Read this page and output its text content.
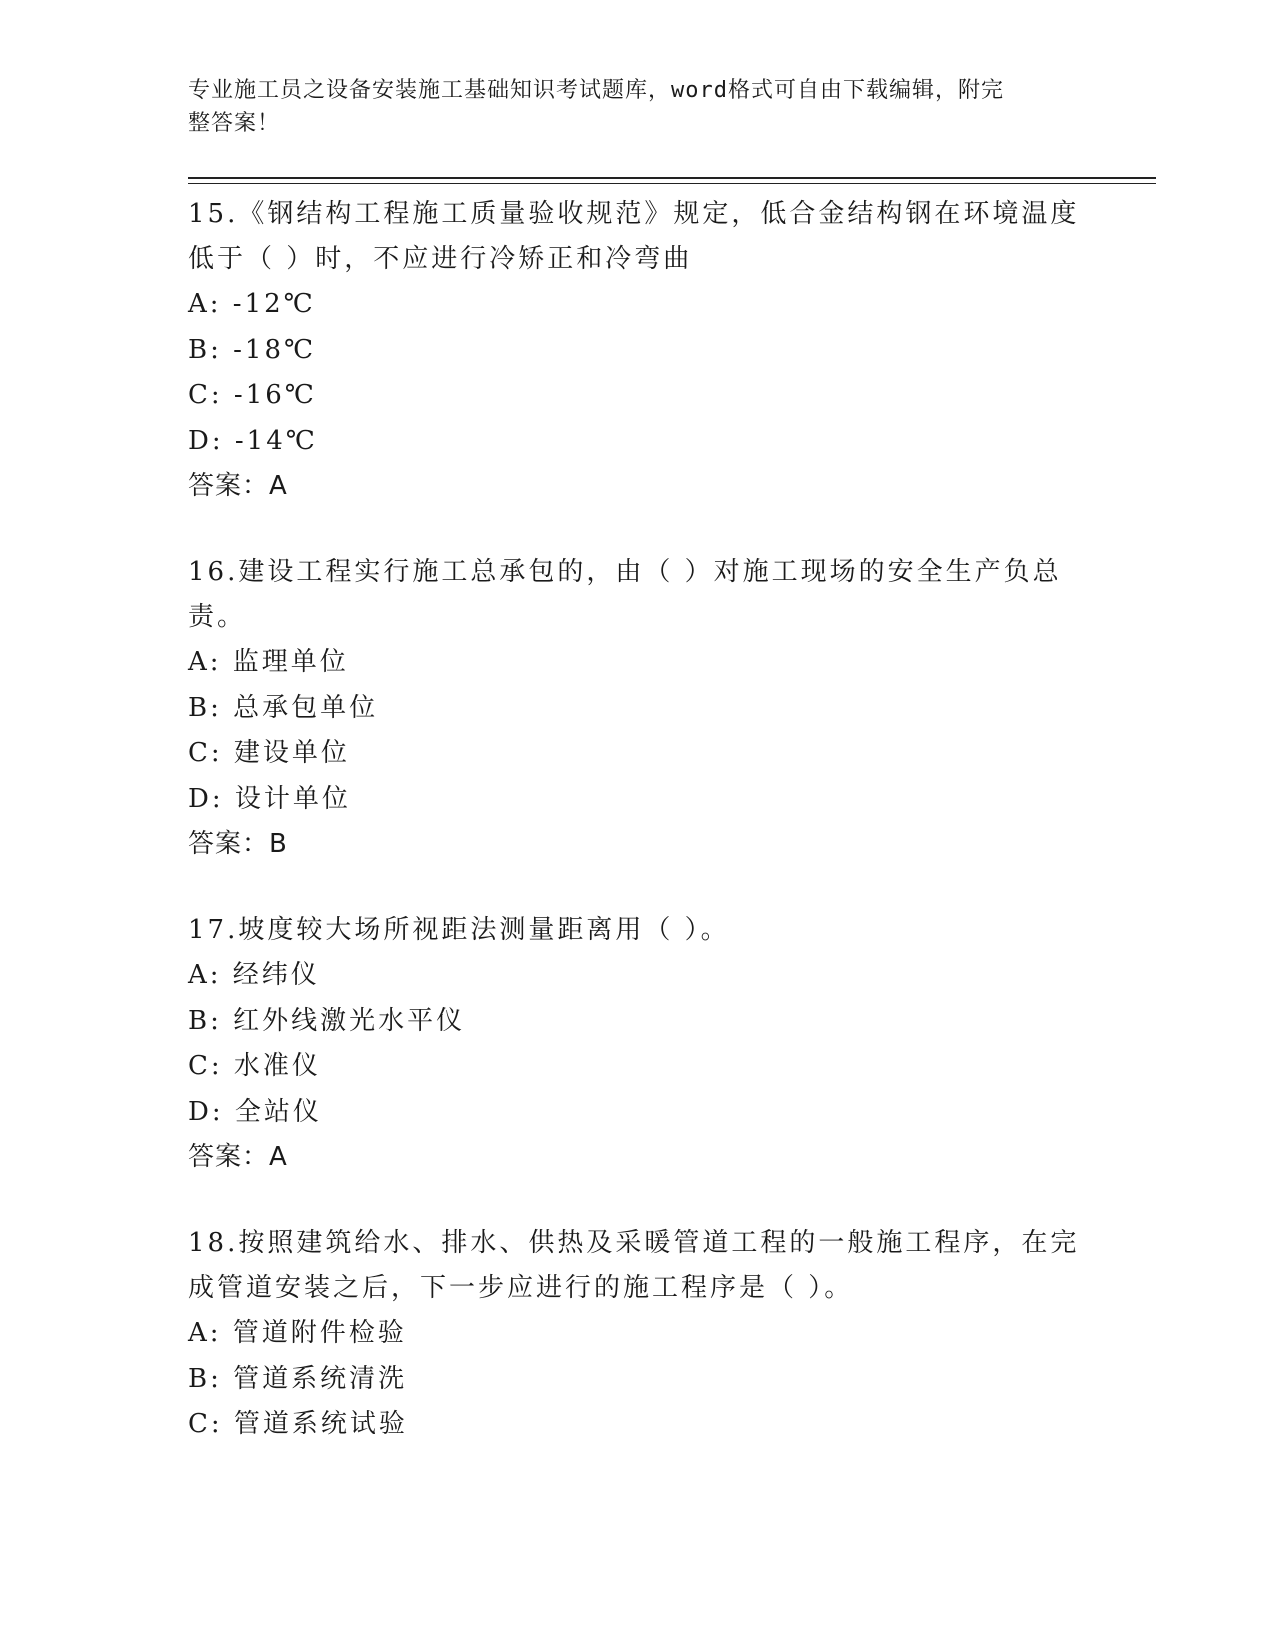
专业施工员之设备安装施工基础知识考试题库，word格式可自由下载编辑，附完
整答案！

15.《钢结构工程施工质量验收规范》规定，低合金结构钢在环境温度
低于（ ）时，不应进行冷矫正和冷弯曲

A: -12℃

B: -18℃

C: -16℃

D: -14℃

答案：A

16.建设工程实行施工总承包的，由（ ）对施工现场的安全生产负总
责。

A: 监理单位

B: 总承包单位

C: 建设单位

D: 设计单位

答案：B

17.坡度较大场所视距法测量距离用（ ）。

A: 经纬仪

B: 红外线激光水平仪

C: 水准仪

D: 全站仪

答案：A

18.按照建筑给水、排水、供热及采暖管道工程的一般施工程序，在完
成管道安装之后，下一步应进行的施工程序是（ ）。

A: 管道附件检验

B: 管道系统清洗

C: 管道系统试验
